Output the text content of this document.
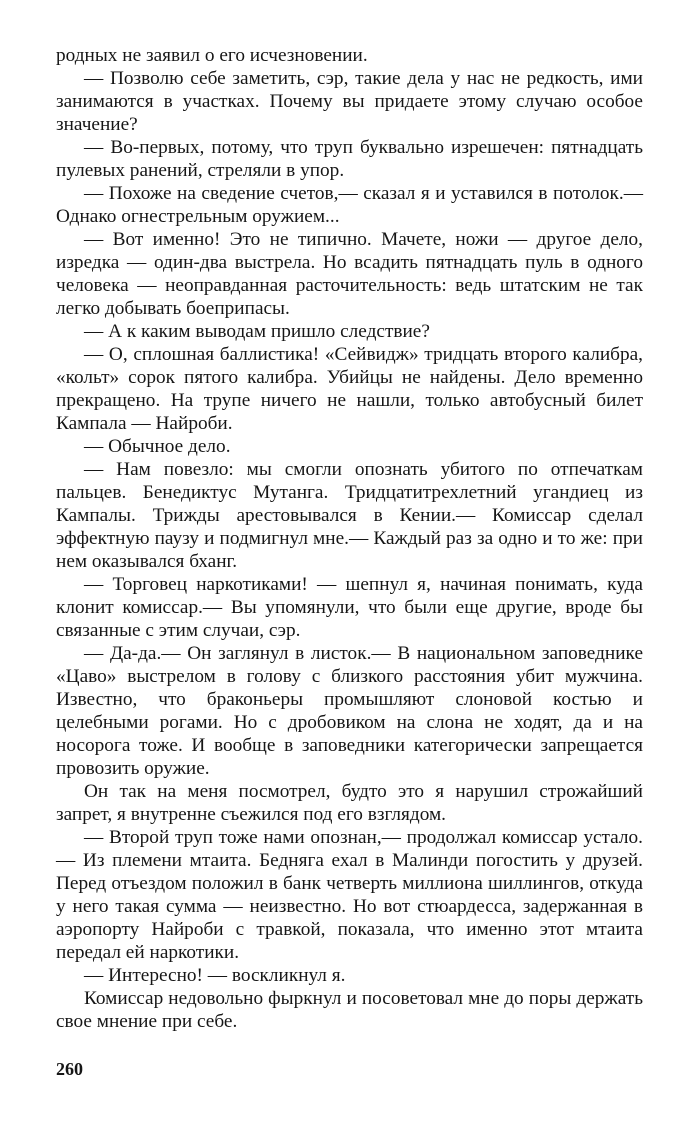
родных не заявил о его исчезновении.

— Позволю себе заметить, сэр, такие дела у нас не редкость, ими занимаются в участках. Почему вы придаете этому случаю особое значение?

— Во-первых, потому, что труп буквально изрешечен: пятнадцать пулевых ранений, стреляли в упор.

— Похоже на сведение счетов,— сказал я и уставился в потолок.— Однако огнестрельным оружием...

— Вот именно! Это не типично. Мачете, ножи — другое дело, изредка — один-два выстрела. Но всадить пятнадцать пуль в одного человека — неоправданная расточительность: ведь штатским не так легко добывать боеприпасы.

— А к каким выводам пришло следствие?

— О, сплошная баллистика! «Сейвидж» тридцать второго калибра, «кольт» сорок пятого калибра. Убийцы не найдены. Дело временно прекращено. На трупе ничего не нашли, только автобусный билет Кампала — Найроби.

— Обычное дело.

— Нам повезло: мы смогли опознать убитого по отпечаткам пальцев. Бенедиктус Мутанга. Тридцатитрехлетний угандиец из Кампалы. Трижды арестовывался в Кении.— Комиссар сделал эффектную паузу и подмигнул мне.— Каждый раз за одно и то же: при нем оказывался бханг.

— Торговец наркотиками! — шепнул я, начиная понимать, куда клонит комиссар.— Вы упомянули, что были еще другие, вроде бы связанные с этим случаи, сэр.

— Да-да.— Он заглянул в листок.— В национальном заповеднике «Цаво» выстрелом в голову с близкого расстояния убит мужчина. Известно, что браконьеры промышляют слоновой костью и целебными рогами. Но с дробовиком на слона не ходят, да и на носорога тоже. И вообще в заповедники категорически запрещается провозить оружие.

Он так на меня посмотрел, будто это я нарушил строжайший запрет, я внутренне съежился под его взглядом.

— Второй труп тоже нами опознан,— продолжал комиссар устало.— Из племени мтаита. Бедняга ехал в Малинди погостить у друзей. Перед отъездом положил в банк четверть миллиона шиллингов, откуда у него такая сумма — неизвестно. Но вот стюардесса, задержанная в аэропорту Найроби с травкой, показала, что именно этот мтаита передал ей наркотики.

— Интересно! — воскликнул я.

Комиссар недовольно фыркнул и посоветовал мне до поры держать свое мнение при себе.

260
